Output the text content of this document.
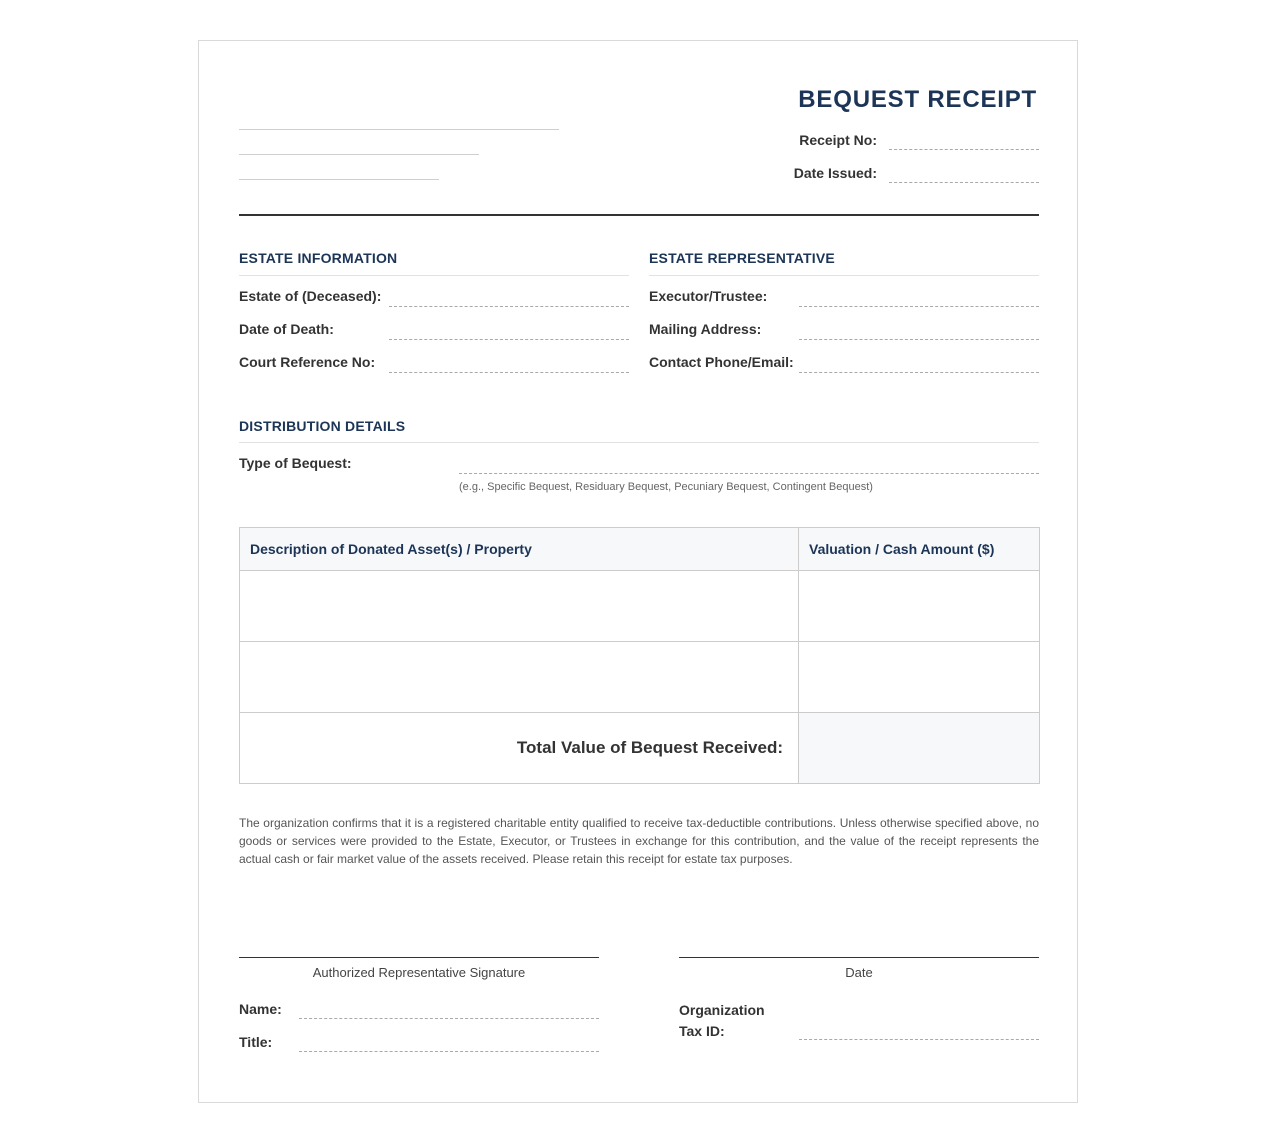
BEQUEST RECEIPT
Receipt No:
Date Issued:
ESTATE INFORMATION
Estate of (Deceased):
Date of Death:
Court Reference No:
ESTATE REPRESENTATIVE
Executor/Trustee:
Mailing Address:
Contact Phone/Email:
DISTRIBUTION DETAILS
Type of Bequest:
(e.g., Specific Bequest, Residuary Bequest, Pecuniary Bequest, Contingent Bequest)
Description of Donated Asset(s) / Property	Valuation / Cash Amount ($)

Total Value of Bequest Received:	
The organization confirms that it is a registered charitable entity qualified to receive tax-deductible contributions. Unless otherwise specified above, no goods or services were provided to the Estate, Executor, or Trustees in exchange for this contribution, and the value of the receipt represents the actual cash or fair market value of the assets received. Please retain this receipt for estate tax purposes.
Authorized Representative Signature	Date
Name:
Title:
Organization Tax ID:
